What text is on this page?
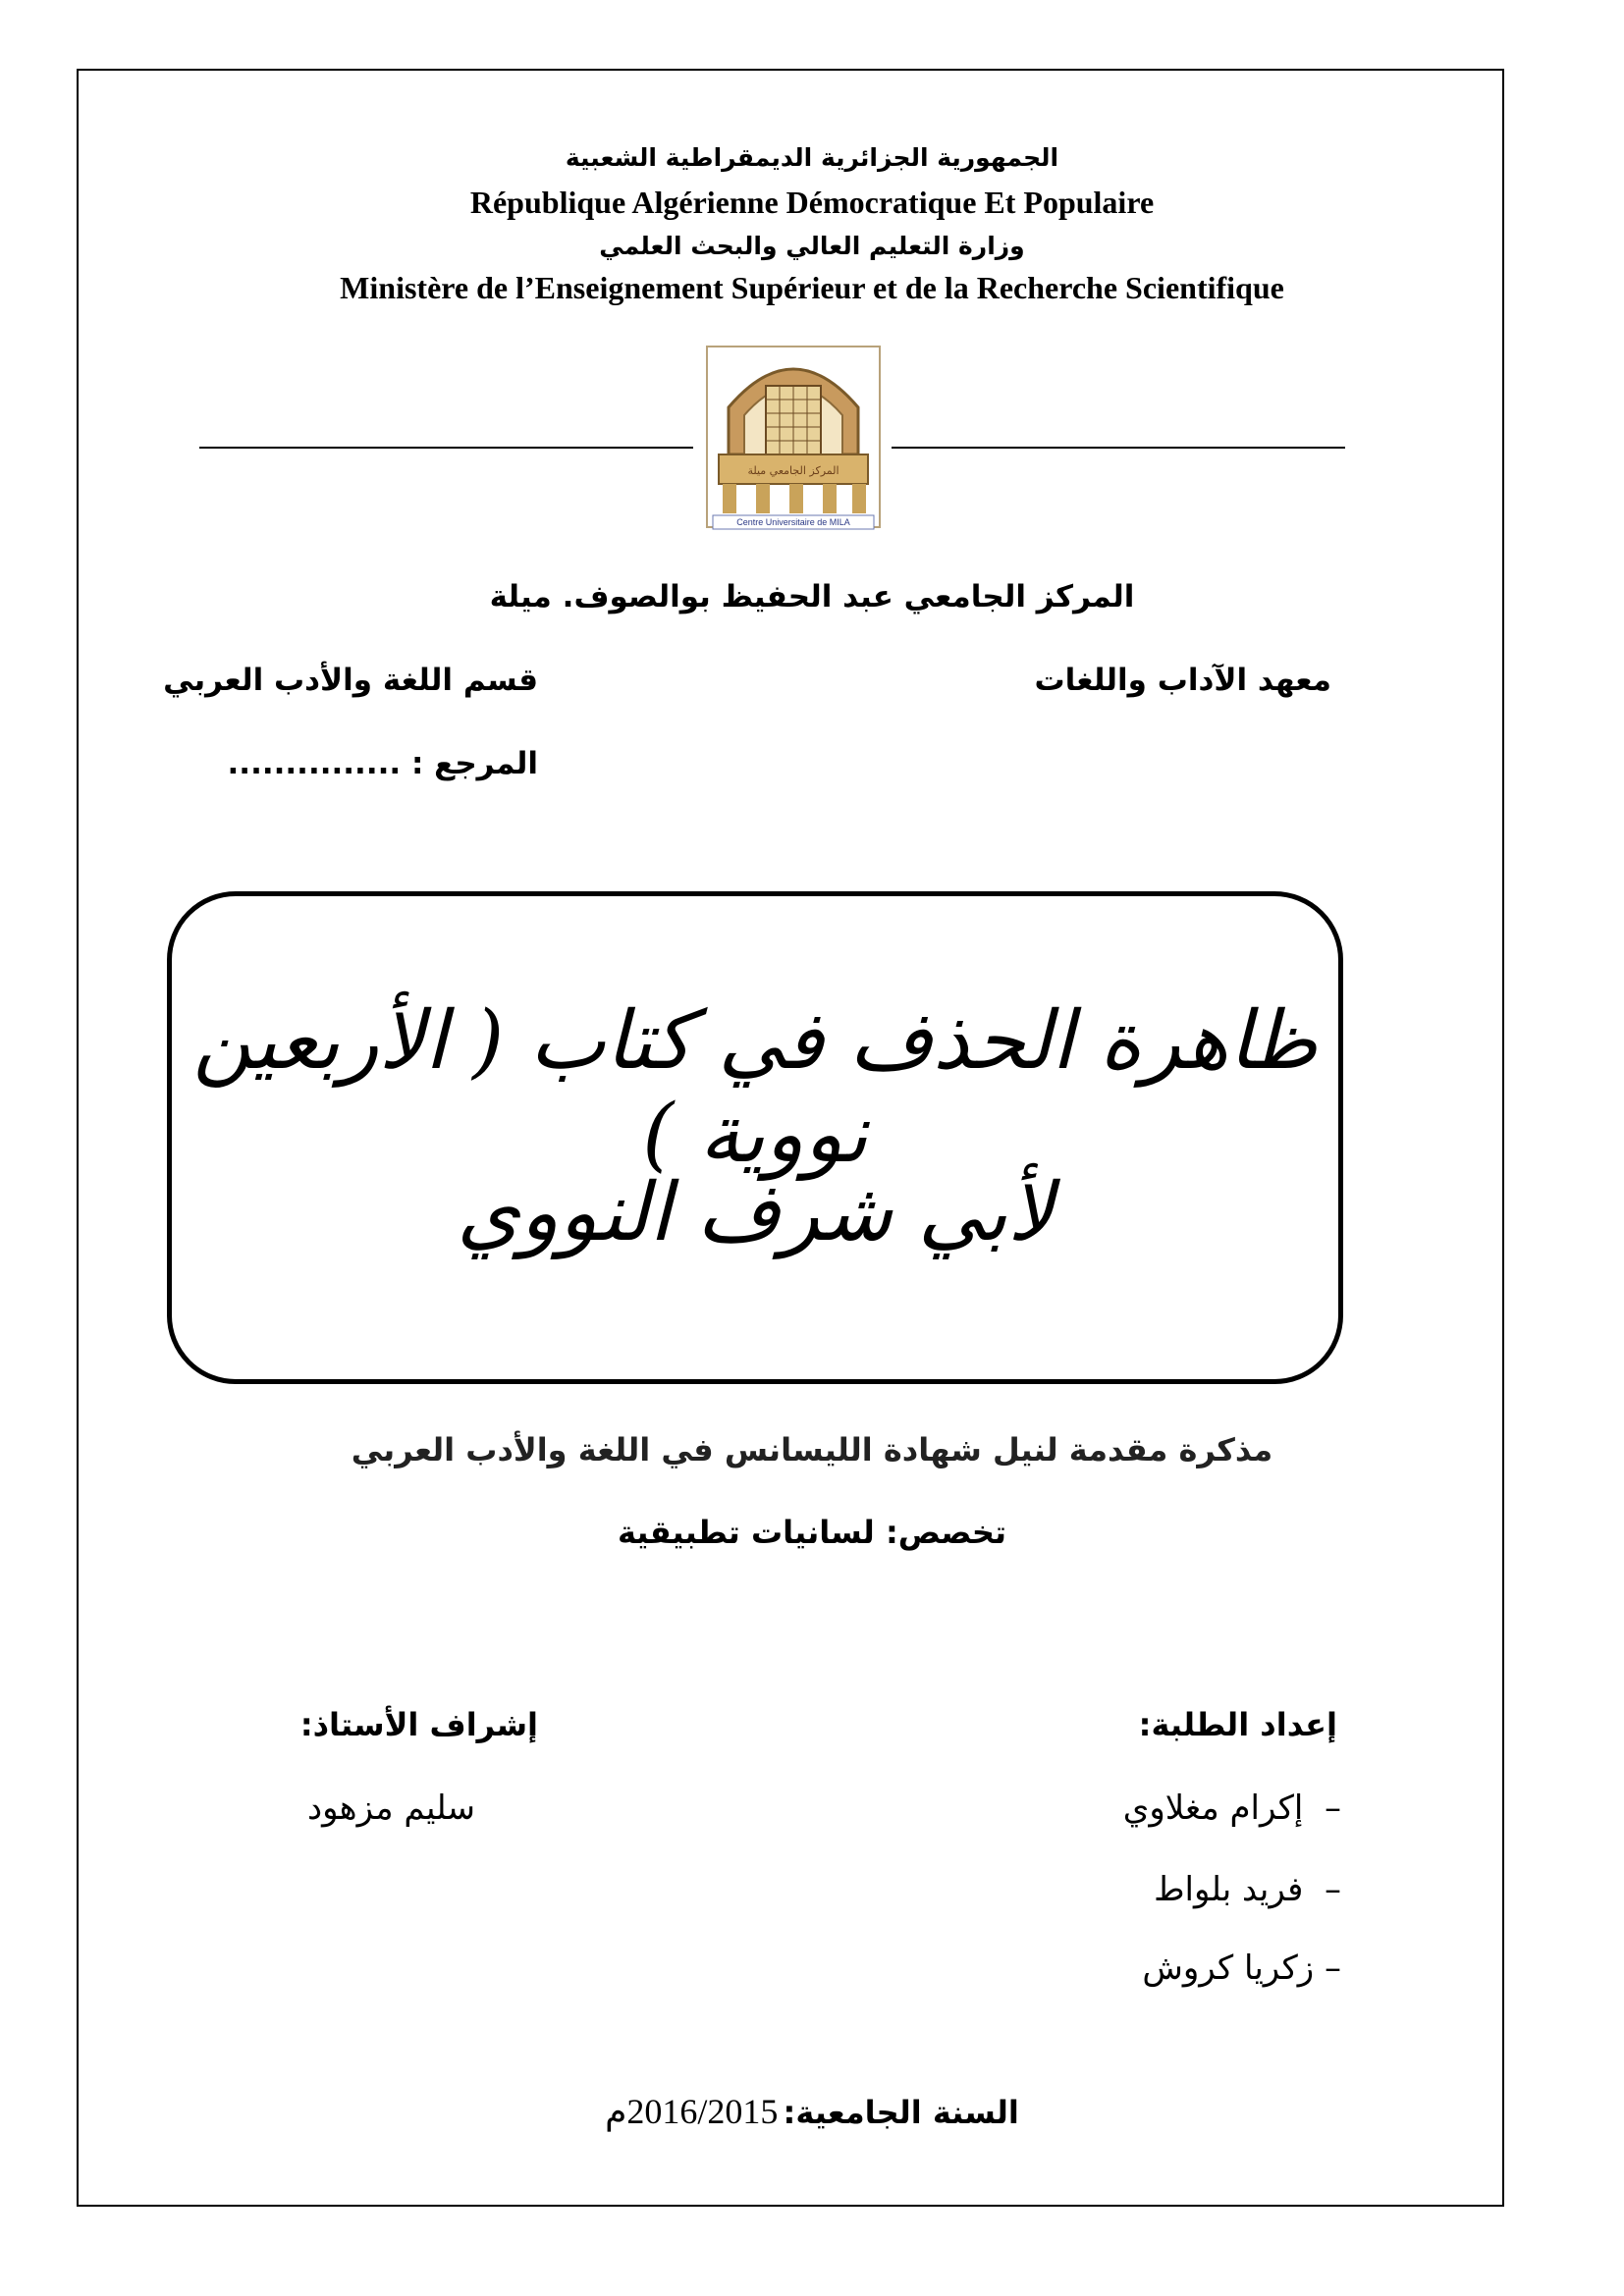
الجمهورية الجزائرية الديمقراطية الشعبية
République Algérienne Démocratique Et Populaire
وزارة التعليم العالي والبحث العلمي
Ministère de l’Enseignement Supérieur et de la Recherche Scientifique
المركز الجامعي ميلة
Centre Universitaire de MILA
المركز الجامعي عبد الحفيظ بوالصوف. ميلة
معهد الآداب واللغات
قسم اللغة والأدب العربي
المرجع : ...............
ظاهرة الحذف في كتاب ( الأربعين نووية )
لأبي شرف النووي
مذكرة مقدمة لنيل شهادة الليسانس في اللغة والأدب العربي
تخصص: لسانيات تطبيقية
إعداد الطلبة:
إشراف الأستاذ:
–  إكرام مغلاوي
–  فريد بلواط
– زكريا كروش
سليم مزهود
السنة الجامعية: 2016/2015م
